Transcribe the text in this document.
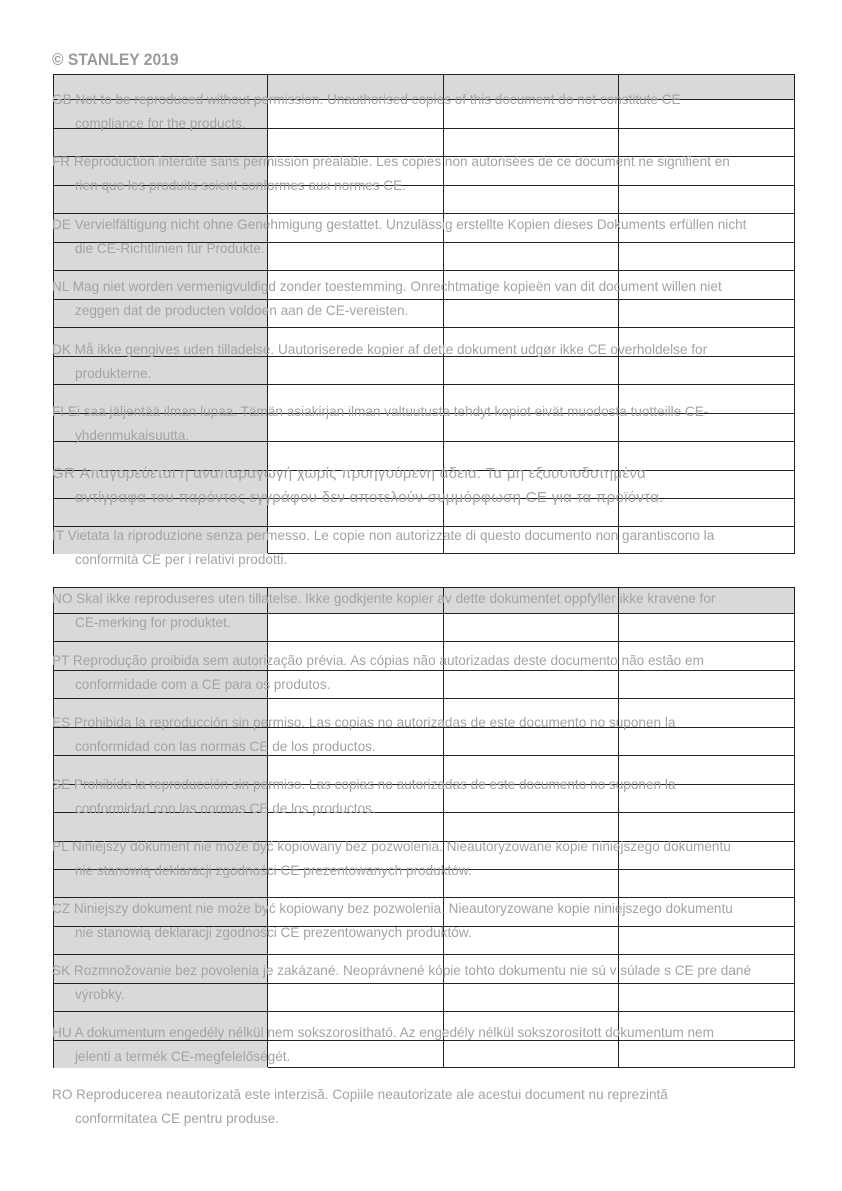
© STANLEY 2019
GB Not to be reproduced without permission. Unauthorised copies of this document do not constitute CE
compliance for the products.
FR Reproduction interdite sans permission préalable. Les copies non autorisées de ce document ne signifient en
rien que les produits soient conformes aux normes CE.
DE Vervielfältigung nicht ohne Genehmigung gestattet. Unzulässig erstellte Kopien dieses Dokuments erfüllen nicht
die CE-Richtlinien für Produkte.
NL Mag niet worden vermenigvuldigd zonder toestemming. Onrechtmatige kopieën van dit document willen niet
zeggen dat de producten voldoen aan de CE-vereisten.
DK Må ikke gengives uden tilladelse. Uautoriserede kopier af dette dokument udgør ikke CE overholdelse for
produkterne.
FI Ei saa jäljentää ilman lupaa. Tämän asiakirjan ilman valtuutusta tehdyt kopiot eivät muodosta tuotteille CE-
yhdenmukaisuutta.
GR Απαγορεύεται η αναπαραγωγή χωρίς προηγούμενη άδεια. Τα μη εξουσιοδοτημένα
αντίγραφα του παρόντος εγγράφου δεν αποτελούν συμμόρφωση CE για τα προϊόντα.
IT Vietata la riproduzione senza permesso. Le copie non autorizzate di questo documento non garantiscono la
conformità CE per i relativi prodotti.
NO Skal ikke reproduseres uten tillatelse. Ikke godkjente kopier av dette dokumentet oppfyller ikke kravene for
CE-merking for produktet.
PT Reprodução proibida sem autorização prévia. As cópias não autorizadas deste documento não estão em
conformidade com a CE para os produtos.
ES Prohibida la reproducción sin permiso. Las copias no autorizadas de este documento no suponen la
conformidad con las normas CE de los productos.
SE Prohibida la reproducción sin permiso. Las copias no autorizadas de este documento no suponen la
conformidad con las normas CE de los productos.
PL Niniejszy dokument nie może być kopiowany bez pozwolenia. Nieautoryzowane kopie niniejszego dokumentu
nie stanowią deklaracji zgodności CE prezentowanych produktów.
CZ Niniejszy dokument nie może być kopiowany bez pozwolenia. Nieautoryzowane kopie niniejszego dokumentu
nie stanowią deklaracji zgodności CE prezentowanych produktów.
SK Rozmnožovanie bez povolenia je zakázané. Neoprávnené kópie tohto dokumentu nie sú v súlade s CE pre dané
výrobky.
HU A dokumentum engedély nélkül nem sokszorosítható. Az engedély nélkül sokszorosított dokumentum nem
jelenti a termék CE-megfelelőségét.
RO Reproducerea neautorizată este interzisă. Copiile neautorizate ale acestui document nu reprezintă
conformitatea CE pentru produse.
